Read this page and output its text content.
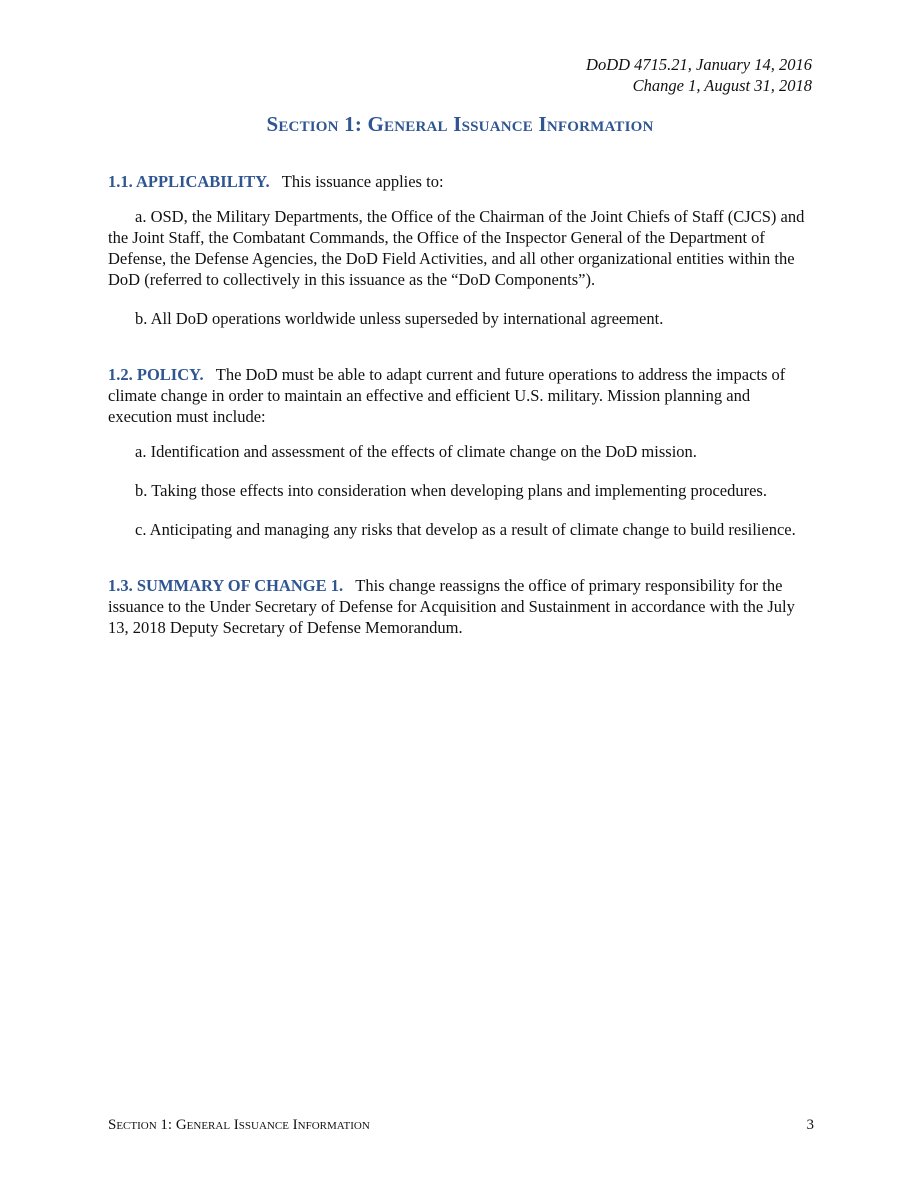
DoDD 4715.21, January 14, 2016
Change 1, August 31, 2018
Section 1: General Issuance Information

1.1. APPLICABILITY. This issuance applies to:

a. OSD, the Military Departments, the Office of the Chairman of the Joint Chiefs of Staff (CJCS) and the Joint Staff, the Combatant Commands, the Office of the Inspector General of the Department of Defense, the Defense Agencies, the DoD Field Activities, and all other organizational entities within the DoD (referred to collectively in this issuance as the “DoD Components”).

b. All DoD operations worldwide unless superseded by international agreement.

1.2. POLICY. The DoD must be able to adapt current and future operations to address the impacts of climate change in order to maintain an effective and efficient U.S. military. Mission planning and execution must include:

a. Identification and assessment of the effects of climate change on the DoD mission.

b. Taking those effects into consideration when developing plans and implementing procedures.

c. Anticipating and managing any risks that develop as a result of climate change to build resilience.

1.3. SUMMARY OF CHANGE 1. This change reassigns the office of primary responsibility for the issuance to the Under Secretary of Defense for Acquisition and Sustainment in accordance with the July 13, 2018 Deputy Secretary of Defense Memorandum.

Section 1: General Issuance Information	3
